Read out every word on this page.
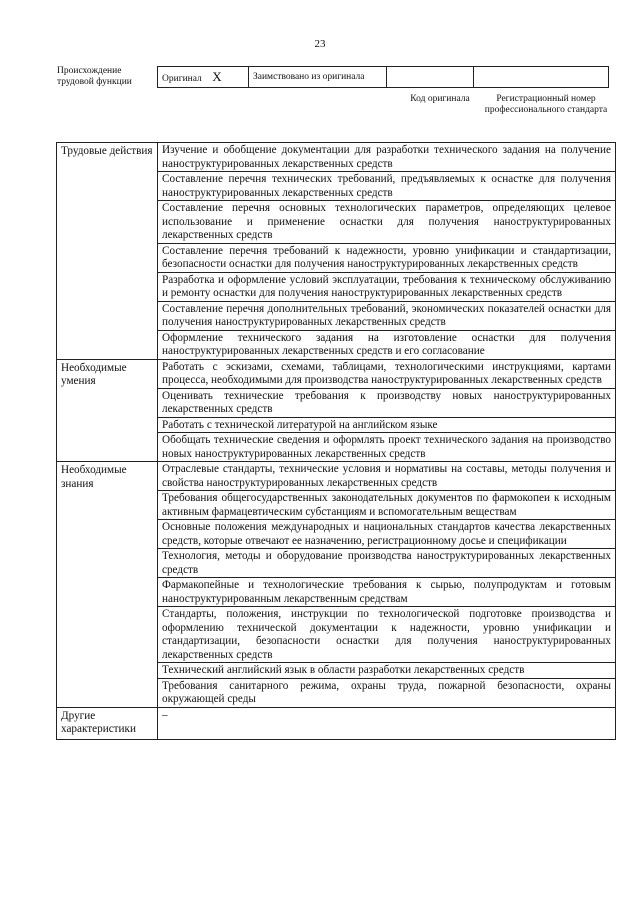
23
Происхождение трудовой функции	Оригинал X	Заимствовано из оригинала		
Код оригинала	Регистрационный номер профессионального стандарта
Трудовые действия	Изучение и обобщение документации для разработки технического задания на получение наноструктурированных лекарственных средств
	Составление перечня технических требований, предъявляемых к оснастке для получения наноструктурированных лекарственных средств
	Составление перечня основных технологических параметров, определяющих целевое использование и применение оснастки для получения наноструктурированных лекарственных средств
	Составление перечня требований к надежности, уровню унификации и стандартизации, безопасности оснастки для получения наноструктурированных лекарственных средств
	Разработка и оформление условий эксплуатации, требования к техническому обслуживанию и ремонту оснастки для получения наноструктурированных лекарственных средств
	Составление перечня дополнительных требований, экономических показателей оснастки для получения наноструктурированных лекарственных средств
	Оформление технического задания на изготовление оснастки для получения наноструктурированных лекарственных средств и его согласование
Необходимые умения	Работать с эскизами, схемами, таблицами, технологическими инструкциями, картами процесса, необходимыми для производства наноструктурированных лекарственных средств
	Оценивать технические требования к производству новых наноструктурированных лекарственных средств
	Работать с технической литературой на английском языке
	Обобщать технические сведения и оформлять проект технического задания на производство новых наноструктурированных лекарственных средств
Необходимые знания	Отраслевые стандарты, технические условия и нормативы на составы, методы получения и свойства наноструктурированных лекарственных средств
	Требования общегосударственных законодательных документов по фармокопеи к исходным активным фармацевтическим субстанциям и вспомогательным веществам
	Основные положения международных и национальных стандартов качества лекарственных средств, которые отвечают ее назначению, регистрационному досье и спецификации
	Технология, методы и оборудование производства наноструктурированных лекарственных средств
	Фармакопейные и технологические требования к сырью, полупродуктам и готовым наноструктурированным лекарственным средствам
	Стандарты, положения, инструкции по технологической подготовке производства и оформлению технической документации к надежности, уровню унификации и стандартизации, безопасности оснастки для получения наноструктурированных лекарственных средств
	Технический английский язык в области разработки лекарственных средств
	Требования санитарного режима, охраны труда, пожарной безопасности, охраны окружающей среды
Другие характеристики	–
